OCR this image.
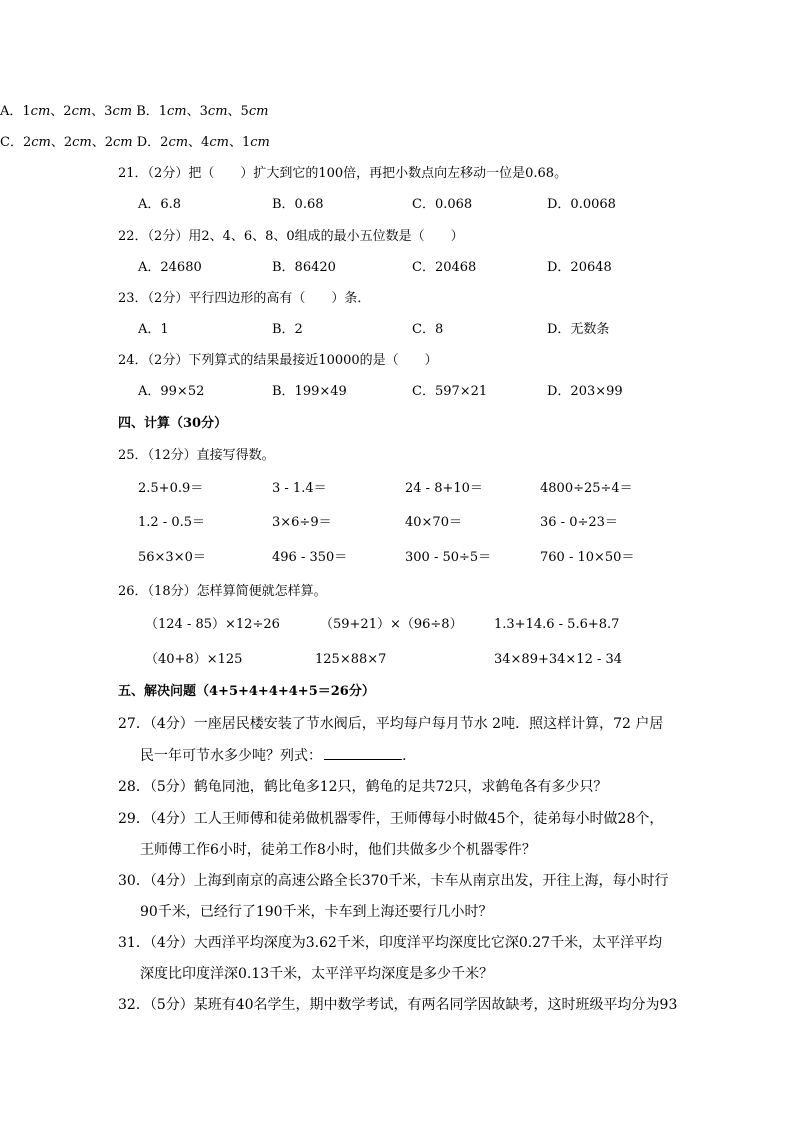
A．1cm、2cm、3cm B．1cm、3cm、5cm
C．2cm、2cm、2cm D．2cm、4cm、1cm
21．（2分）把（　　）扩大到它的100倍，再把小数点向左移动一位是0.68。
A．6.8	B．0.68	C．0.068	D．0.0068
22．（2分）用2、4、6、8、0组成的最小五位数是（　　）
A．24680	B．86420	C．20468	D．20648
23．（2分）平行四边形的高有（　　）条．
A．1	B．2	C．8	D．无数条
24．（2分）下列算式的结果最接近10000的是（　　）
A．99×52	B．199×49	C．597×21	D．203×99
四、计算（30分）
25．（12分）直接写得数。
2.5+0.9＝	3 - 1.4＝	24 - 8+10＝	4800÷25÷4＝
1.2 - 0.5＝	3×6÷9＝	40×70＝	36 - 0÷23＝
56×3×0＝	496 - 350＝	300 - 50÷5＝	760 - 10×50＝
26．（18分）怎样算简便就怎样算。
（124 - 85）×12÷26	（59+21）×（96÷8） 1.3+14.6 - 5.6+8.7
（40+8）×125	125×88×7	34×89+34×12 - 34
五、解决问题（4+5+4+4+4+5＝26分）
27．（4分）一座居民楼安装了节水阀后，平均每户每月节水 2吨．照这样计算，72 户居
民一年可节水多少吨？列式：	.
28．（5分）鹤龟同池，鹤比龟多12只，鹤龟的足共72只，求鹤龟各有多少只？
29．（4分）工人王师傅和徒弟做机器零件，王师傅每小时做45个，徒弟每小时做28个，
王师傅工作6小时，徒弟工作8小时，他们共做多少个机器零件？
30．（4分）上海到南京的高速公路全长370千米，卡车从南京出发，开往上海，每小时行
90千米，已经行了190千米，卡车到上海还要行几小时？
31．（4分）大西洋平均深度为3.62千米，印度洋平均深度比它深0.27千米，太平洋平均
深度比印度洋深0.13千米，太平洋平均深度是多少千米？
32．（5分）某班有40名学生，期中数学考试，有两名同学因故缺考，这时班级平均分为93
